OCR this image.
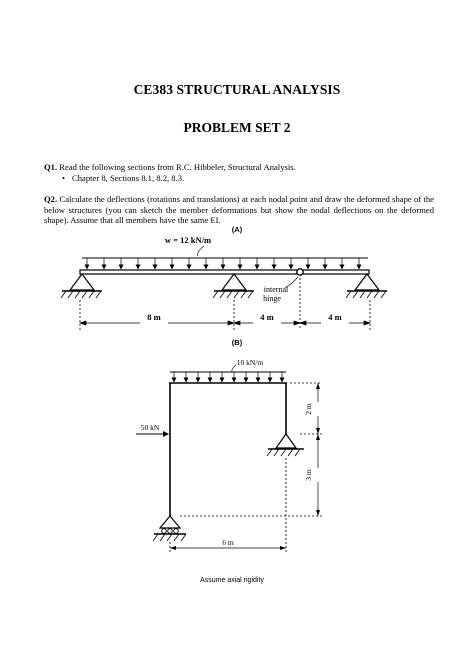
CE383 STRUCTURAL ANALYSIS
PROBLEM SET 2
Q1. Read the following sections from R.C. Hibbeler, Structural Analysis.
• Chapter 8, Sections 8.1, 8.2, 8.3.
Q2. Calculate the deflections (rotations and translations) at each nodal point and draw the deformed shape of the below structures (you can sketch the member deformations but show the nodal deflections on the deformed shape). Assume that all members have the same EI.
(A)
w = 12 kN/m
internal
hinge
8 m	4 m	4 m
(B)
10 kN/m
50 kN
2 m
3 m
6 m
Assume axial rigidity
